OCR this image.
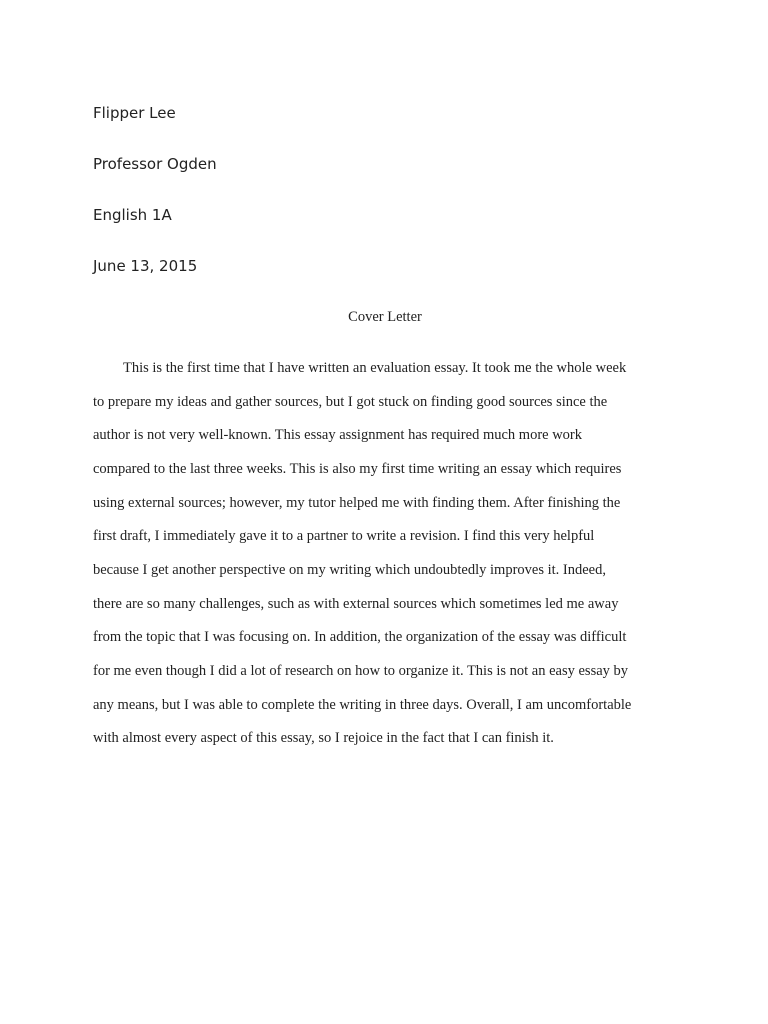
Flipper Lee
Professor Ogden
English 1A
June 13, 2015
Cover Letter
This is the first time that I have written an evaluation essay. It took me the whole week
to prepare my ideas and gather sources, but I got stuck on finding good sources since the
author is not very well-known. This essay assignment has required much more work
compared to the last three weeks. This is also my first time writing an essay which requires
using external sources; however, my tutor helped me with finding them. After finishing the
first draft, I immediately gave it to a partner to write a revision. I find this very helpful
because I get another perspective on my writing which undoubtedly improves it. Indeed,
there are so many challenges, such as with external sources which sometimes led me away
from the topic that I was focusing on. In addition, the organization of the essay was difficult
for me even though I did a lot of research on how to organize it. This is not an easy essay by
any means, but I was able to complete the writing in three days. Overall, I am uncomfortable
with almost every aspect of this essay, so I rejoice in the fact that I can finish it.
